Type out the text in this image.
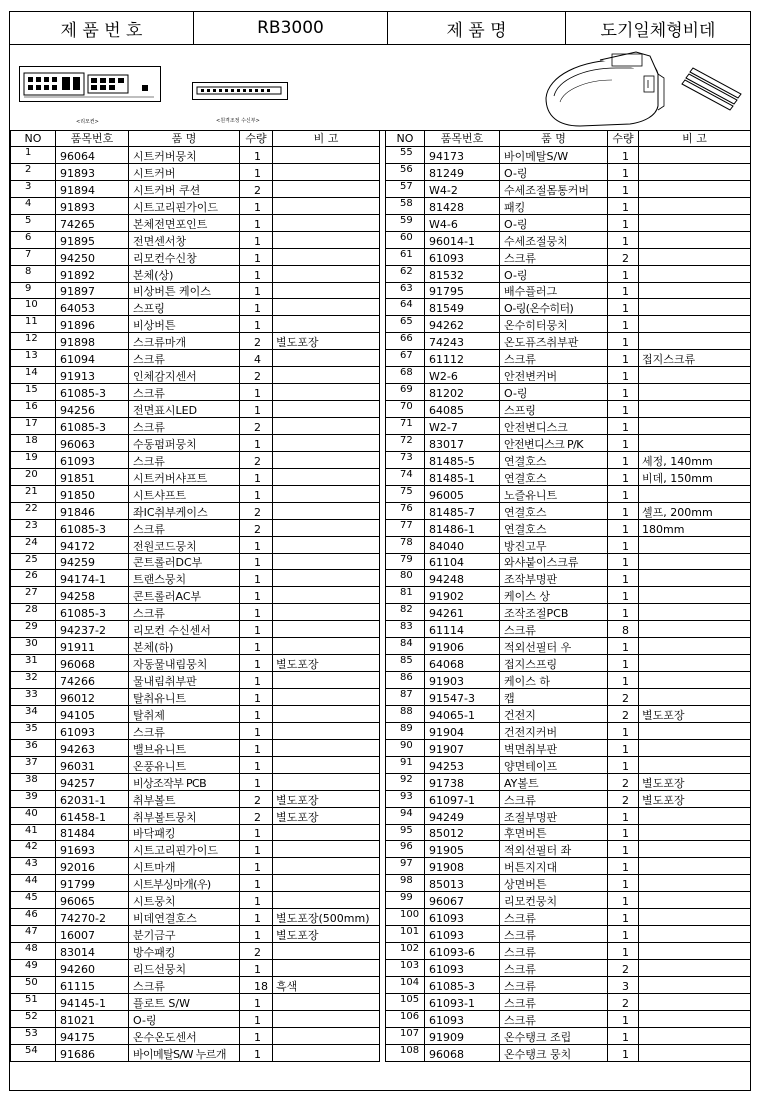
제 품 번 호	RB3000	제 품 명	도기일체형비데
<리모컨>	<원격조정 수신부>
NO	품목번호	품 명	수량	비 고
1	96064	시트커버뭉치	1	
2	91893	시트커버	1	
3	91894	시트커버 쿠션	2	
4	91893	시트고리핀가이드	1	
5	74265	본체전면포인트	1	
6	91895	전면센서창	1	
7	94250	리모컨수신창	1	
8	91892	본체(상)	1	
9	91897	비상버튼 케이스	1	
10	64053	스프링	1	
11	91896	비상버튼	1	
12	91898	스크류마개	2	별도포장
13	61094	스크류	4	
14	91913	인체감지센서	2	
15	61085-3	스크류	1	
16	94256	전면표시LED	1	
17	61085-3	스크류	2	
18	96063	수동펌퍼뭉치	1	
19	61093	스크류	2	
20	91851	시트커버샤프트	1	
21	91850	시트샤프트	1	
22	91846	좌IC취부케이스	2	
23	61085-3	스크류	2	
24	94172	전원코드뭉치	1	
25	94259	콘트롤러DC부	1	
26	94174-1	트랜스뭉치	1	
27	94258	콘트롤러AC부	1	
28	61085-3	스크류	1	
29	94237-2	리모컨 수신센서	1	
30	91911	본체(하)	1	
31	96068	자동물내림뭉치	1	별도포장
32	74266	물내림취부판	1	
33	96012	탈취유니트	1	
34	94105	탈취제	1	
35	61093	스크류	1	
36	94263	밸브유니트	1	
37	96031	온풍유니트	1	
38	94257	비상조작부 PCB	1	
39	62031-1	취부볼트	2	별도포장
40	61458-1	취부볼트뭉치	2	별도포장
41	81484	바닥패킹	1	
42	91693	시트고리핀가이드	1	
43	92016	시트마개	1	
44	91799	시트부싱마개(우)	1	
45	96065	시트뭉치	1	
46	74270-2	비데연결호스	1	별도포장(500mm)
47	16007	분기금구	1	별도포장
48	83014	방수패킹	2	
49	94260	리드선뭉치	1	
50	61115	스크류	18	흑색
51	94145-1	플로트 S/W	1	
52	81021	O-링	1	
53	94175	온수온도센서	1	
54	91686	바이메탈S/W 누르개	1	
NO	품목번호	품 명	수량	비 고
55	94173	바이메탈S/W	1	
56	81249	O-링	1	
57	W4-2	수세조절몸통커버	1	
58	81428	패킹	1	
59	W4-6	O-링	1	
60	96014-1	수세조절뭉치	1	
61	61093	스크류	2	
62	81532	O-링	1	
63	91795	배수플러그	1	
64	81549	O-링(온수히터)	1	
65	94262	온수히터뭉치	1	
66	74243	온도퓨즈취부판	1	
67	61112	스크류	1	접지스크류
68	W2-6	안전변커버	1	
69	81202	O-링	1	
70	64085	스프링	1	
71	W2-7	안전변디스크	1	
72	83017	안전변디스크 P/K	1	
73	81485-5	연결호스	1	세정, 140mm
74	81485-1	연결호스	1	비데, 150mm
75	96005	노즐유니트	1	
76	81485-7	연결호스	1	셀프, 200mm
77	81486-1	연결호스	1	180mm
78	84040	방진고무	1	
79	61104	와샤붙이스크류	1	
80	94248	조작부명판	1	
81	91902	케이스 상	1	
82	94261	조작조절PCB	1	
83	61114	스크류	8	
84	91906	적외선필터 우	1	
85	64068	접지스프링	1	
86	91903	케이스 하	1	
87	91547-3	캡	2	
88	94065-1	건전지	2	별도포장
89	91904	건전지커버	1	
90	91907	벽면취부판	1	
91	94253	양면테이프	1	
92	91738	AY볼트	2	별도포장
93	61097-1	스크류	2	별도포장
94	94249	조절부명판	1	
95	85012	후면버튼	1	
96	91905	적외선필터 좌	1	
97	91908	버튼지지대	1	
98	85013	상면버튼	1	
99	96067	리모컨뭉치	1	
100	61093	스크류	1	
101	61093	스크류	1	
102	61093-6	스크류	1	
103	61093	스크류	2	
104	61085-3	스크류	3	
105	61093-1	스크류	2	
106	61093	스크류	1	
107	91909	온수탱크 조립	1	
108	96068	온수탱크 뭉치	1	
